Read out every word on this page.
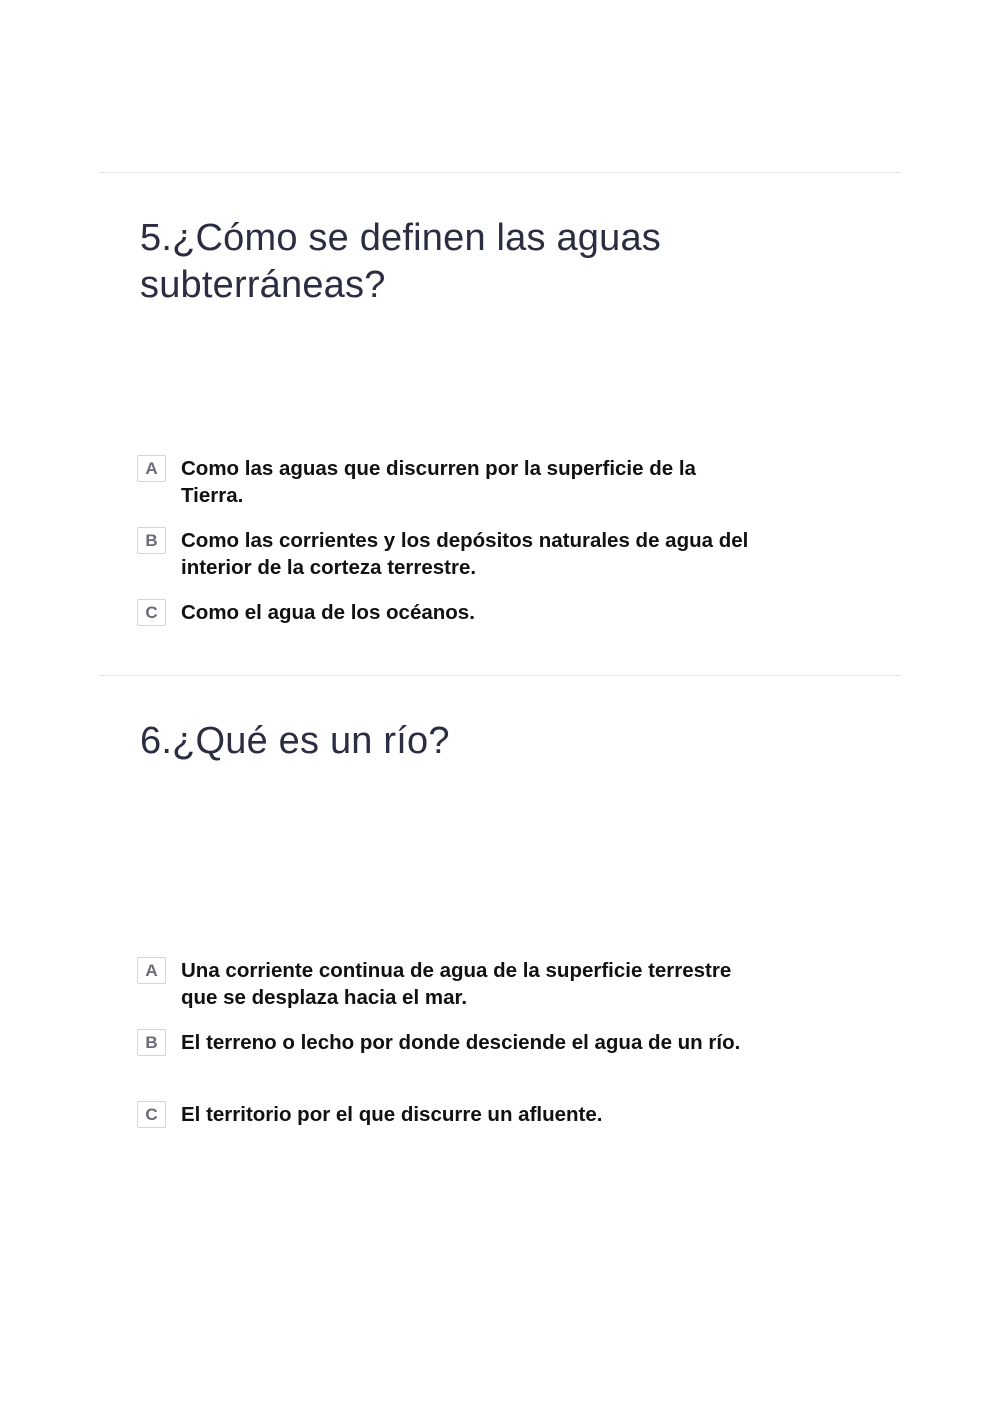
5.¿Cómo se definen las aguas subterráneas?
A	Como las aguas que discurren por la superficie de la Tierra.
B	Como las corrientes y los depósitos naturales de agua del interior de la corteza terrestre.
C	Como el agua de los océanos.
6.¿Qué es un río?
A	Una corriente continua de agua de la superficie terrestre que se desplaza hacia el mar.
B	El terreno o lecho por donde desciende el agua de un río.
C	El territorio por el que discurre un afluente.
